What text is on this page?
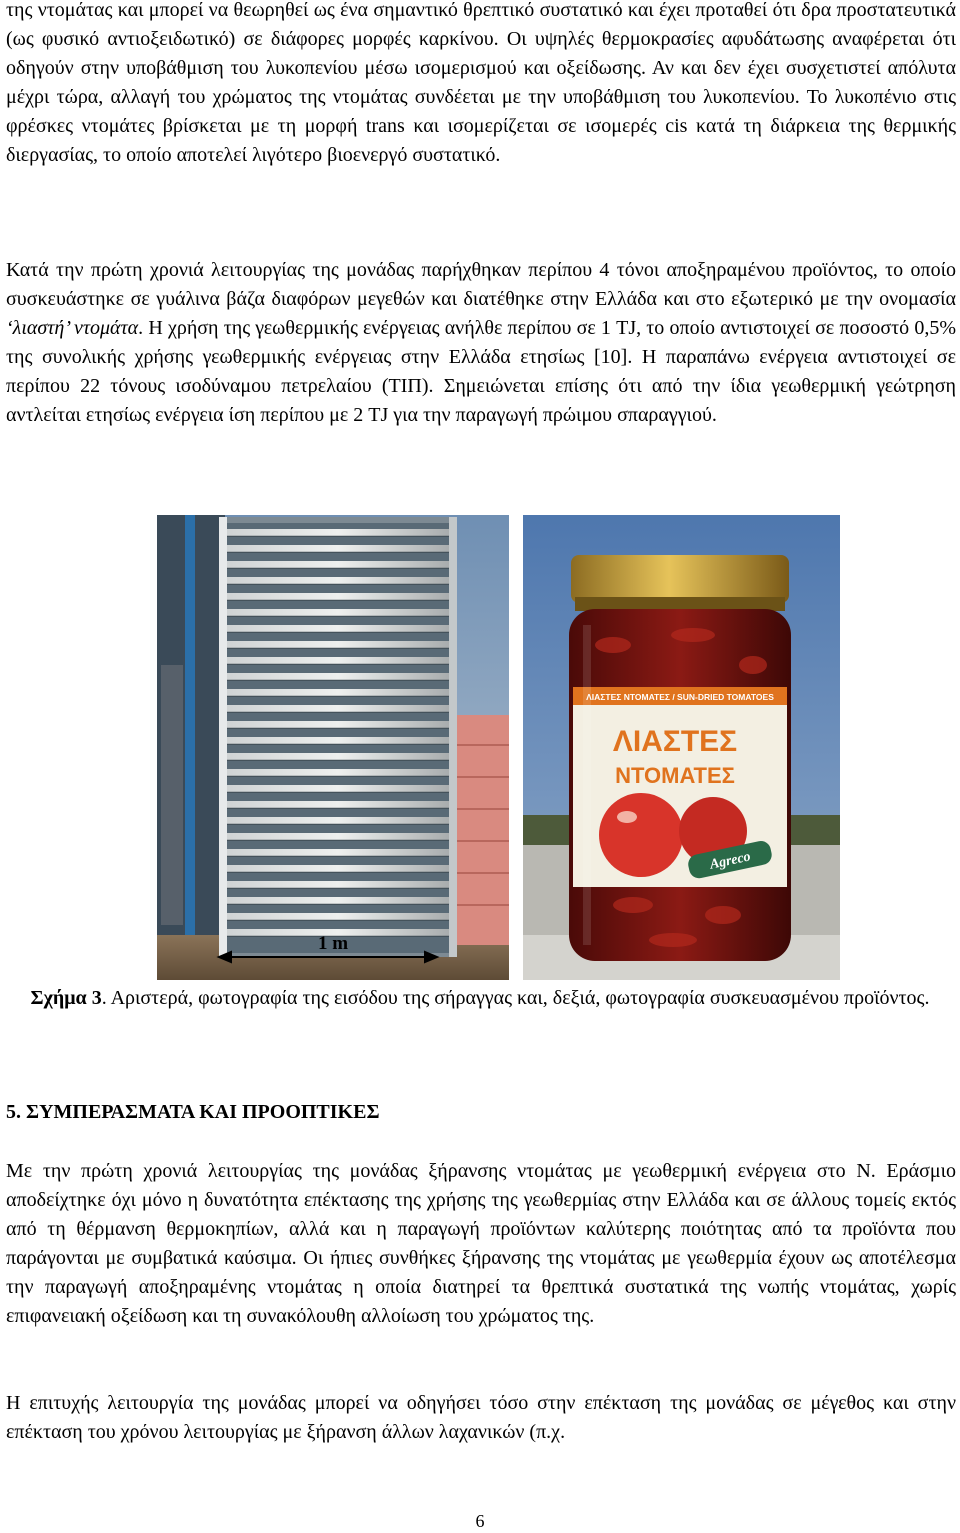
της ντομάτας και μπορεί να θεωρηθεί ως ένα σημαντικό θρεπτικό συστατικό και έχει προταθεί ότι δρα προστατευτικά (ως φυσικό αντιοξειδωτικό) σε διάφορες μορφές καρκίνου. Οι υψηλές θερμοκρασίες αφυδάτωσης αναφέρεται ότι οδηγούν στην υποβάθμιση του λυκοπενίου μέσω ισομερισμού και οξείδωσης. Αν και δεν έχει συσχετιστεί απόλυτα μέχρι τώρα, αλλαγή του χρώματος της ντομάτας συνδέεται με την υποβάθμιση του λυκοπενίου. Το λυκοπένιο στις φρέσκες ντομάτες βρίσκεται με τη μορφή trans και ισομερίζεται σε ισομερές cis κατά τη διάρκεια της θερμικής διεργασίας, το οποίο αποτελεί λιγότερο βιοενεργό συστατικό.

Κατά την πρώτη χρονιά λειτουργίας της μονάδας παρήχθηκαν περίπου 4 τόνοι αποξηραμένου προϊόντος, το οποίο συσκευάστηκε σε γυάλινα βάζα διαφόρων μεγεθών και διατέθηκε στην Ελλάδα και στο εξωτερικό με την ονομασία ‘λιαστή’ ντομάτα. Η χρήση της γεωθερμικής ενέργειας ανήλθε περίπου σε 1 TJ, το οποίο αντιστοιχεί σε ποσοστό 0,5% της συνολικής χρήσης γεωθερμικής ενέργειας στην Ελλάδα ετησίως [10]. Η παραπάνω ενέργεια αντιστοιχεί σε περίπου 22 τόνους ισοδύναμου πετρελαίου (ΤΙΠ). Σημειώνεται επίσης ότι από την ίδια γεωθερμική γεώτρηση αντλείται ετησίως ενέργεια ίση περίπου με 2 TJ για την παραγωγή πρώιμου σπαραγγιού.

1 m
ΛΙΑΣΤΕΣ ΝΤΟΜΑΤΕΣ / SUN-DRIED TOMATOES
ΛΙΑΣΤΕΣ
ΝΤΟΜΑΤΕΣ
Agreco

Σχήμα 3. Αριστερά, φωτογραφία της εισόδου της σήραγγας και, δεξιά, φωτογραφία συσκευασμένου προϊόντος.

5. ΣΥΜΠΕΡΑΣΜΑΤΑ ΚΑΙ ΠΡΟΟΠΤΙΚΕΣ

Με την πρώτη χρονιά λειτουργίας της μονάδας ξήρανσης ντομάτας με γεωθερμική ενέργεια στο Ν. Εράσμιο αποδείχτηκε όχι μόνο η δυνατότητα επέκτασης της χρήσης της γεωθερμίας στην Ελλάδα και σε άλλους τομείς εκτός από τη θέρμανση θερμοκηπίων, αλλά και η παραγωγή προϊόντων καλύτερης ποιότητας από τα προϊόντα που παράγονται με συμβατικά καύσιμα. Οι ήπιες συνθήκες ξήρανσης της ντομάτας με γεωθερμία έχουν ως αποτέλεσμα την παραγωγή αποξηραμένης ντομάτας η οποία διατηρεί τα θρεπτικά συστατικά της νωπής ντομάτας, χωρίς επιφανειακή οξείδωση και τη συνακόλουθη αλλοίωση του χρώματος της.

Η επιτυχής λειτουργία της μονάδας μπορεί να οδηγήσει τόσο στην επέκταση της μονάδας σε μέγεθος και στην επέκταση του χρόνου λειτουργίας με ξήρανση άλλων λαχανικών (π.χ.

6
